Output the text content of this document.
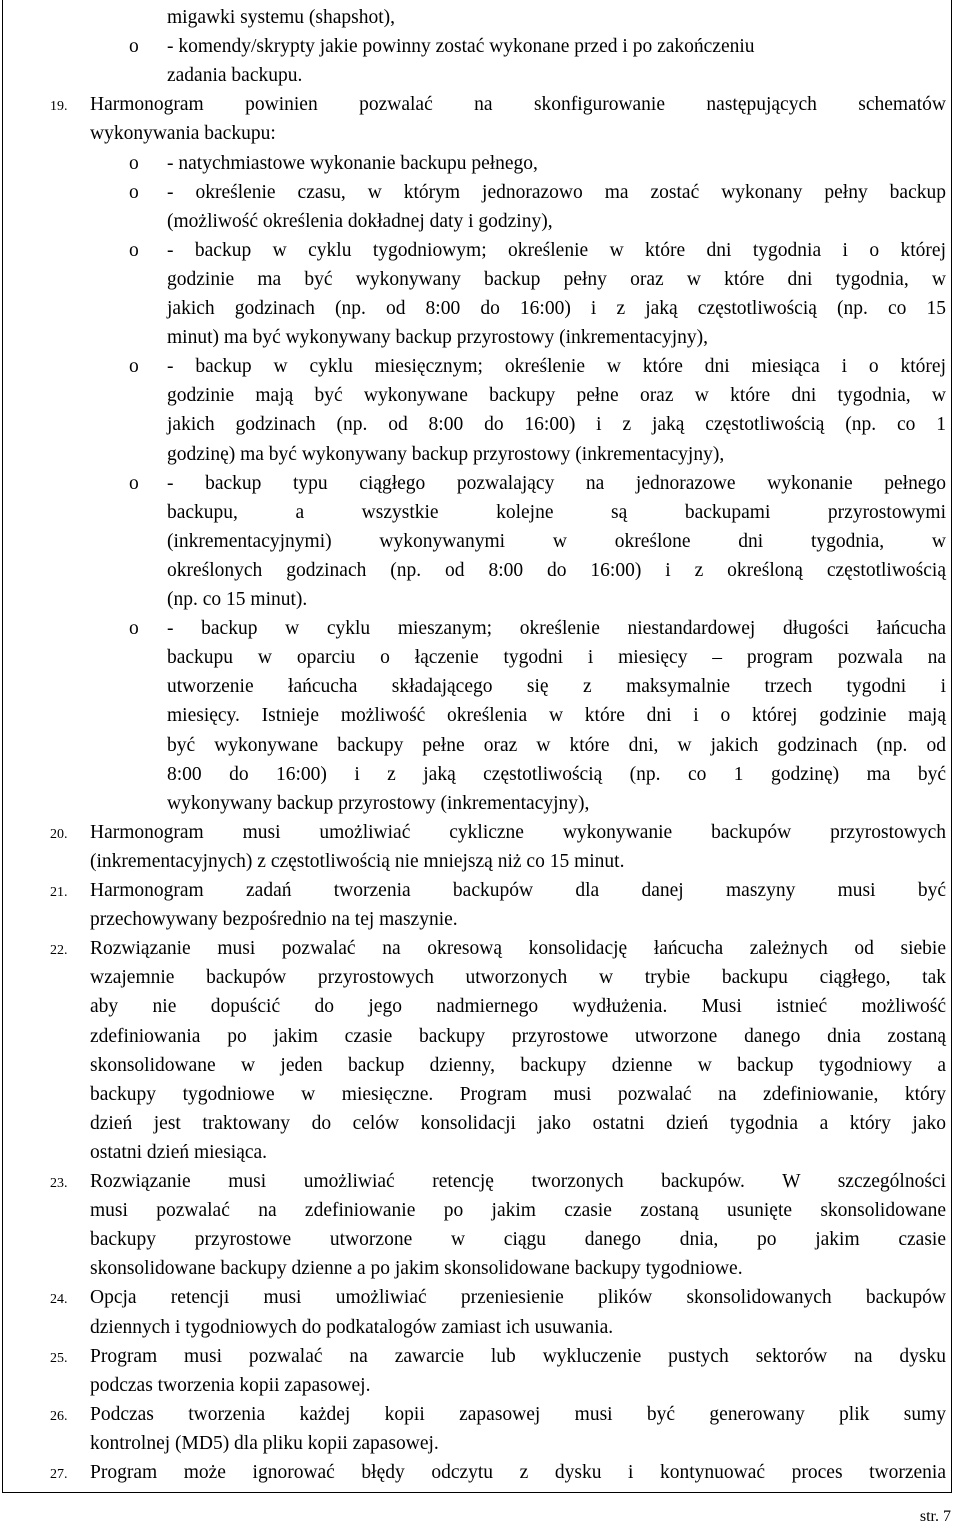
migawki systemu (shapshot),
o - komendy/skrypty jakie powinny zostać wykonane przed i po zakończeniu
zadania backupu.
19. Harmonogram powinien pozwalać na skonfigurowanie następujących schematów
wykonywania backupu:
o - natychmiastowe wykonanie backupu pełnego,
o - określenie czasu, w którym jednorazowo ma zostać wykonany pełny backup
(możliwość określenia dokładnej daty i godziny),
o - backup w cyklu tygodniowym; określenie w które dni tygodnia i o której
godzinie ma być wykonywany backup pełny oraz w które dni tygodnia, w
jakich godzinach (np. od 8:00 do 16:00) i z jaką częstotliwością (np. co 15
minut) ma być wykonywany backup przyrostowy (inkrementacyjny),
o - backup w cyklu miesięcznym; określenie w które dni miesiąca i o której
godzinie mają być wykonywane backupy pełne oraz w które dni tygodnia, w
jakich godzinach (np. od 8:00 do 16:00) i z jaką częstotliwością (np. co 1
godzinę) ma być wykonywany backup przyrostowy (inkrementacyjny),
o - backup typu ciągłego pozwalający na jednorazowe wykonanie pełnego
backupu, a wszystkie kolejne są backupami przyrostowymi
(inkrementacyjnymi) wykonywanymi w określone dni tygodnia, w
określonych godzinach (np. od 8:00 do 16:00) i z określoną częstotliwością
(np. co 15 minut).
o - backup w cyklu mieszanym; określenie niestandardowej długości łańcucha
backupu w oparciu o łączenie tygodni i miesięcy – program pozwala na
utworzenie łańcucha składającego się z maksymalnie trzech tygodni i
miesięcy. Istnieje możliwość określenia w które dni i o której godzinie mają
być wykonywane backupy pełne oraz w które dni, w jakich godzinach (np. od
8:00 do 16:00) i z jaką częstotliwością (np. co 1 godzinę) ma być
wykonywany backup przyrostowy (inkrementacyjny),
20. Harmonogram musi umożliwiać cykliczne wykonywanie backupów przyrostowych
(inkrementacyjnych) z częstotliwością nie mniejszą niż co 15 minut.
21. Harmonogram zadań tworzenia backupów dla danej maszyny musi być
przechowywany bezpośrednio na tej maszynie.
22. Rozwiązanie musi pozwalać na okresową konsolidację łańcucha zależnych od siebie
wzajemnie backupów przyrostowych utworzonych w trybie backupu ciągłego, tak
aby nie dopuścić do jego nadmiernego wydłużenia. Musi istnieć możliwość
zdefiniowania po jakim czasie backupy przyrostowe utworzone danego dnia zostaną
skonsolidowane w jeden backup dzienny, backupy dzienne w backup tygodniowy a
backupy tygodniowe w miesięczne. Program musi pozwalać na zdefiniowanie, który
dzień jest traktowany do celów konsolidacji jako ostatni dzień tygodnia a który jako
ostatni dzień miesiąca.
23. Rozwiązanie musi umożliwiać retencję tworzonych backupów. W szczególności
musi pozwalać na zdefiniowanie po jakim czasie zostaną usunięte skonsolidowane
backupy przyrostowe utworzone w ciągu danego dnia, po jakim czasie
skonsolidowane backupy dzienne a po jakim skonsolidowane backupy tygodniowe.
24. Opcja retencji musi umożliwiać przeniesienie plików skonsolidowanych backupów
dziennych i tygodniowych do podkatalogów zamiast ich usuwania.
25. Program musi pozwalać na zawarcie lub wykluczenie pustych sektorów na dysku
podczas tworzenia kopii zapasowej.
26. Podczas tworzenia każdej kopii zapasowej musi być generowany plik sumy
kontrolnej (MD5) dla pliku kopii zapasowej.
27. Program może ignorować błędy odczytu z dysku i kontynuować proces tworzenia
str. 7
